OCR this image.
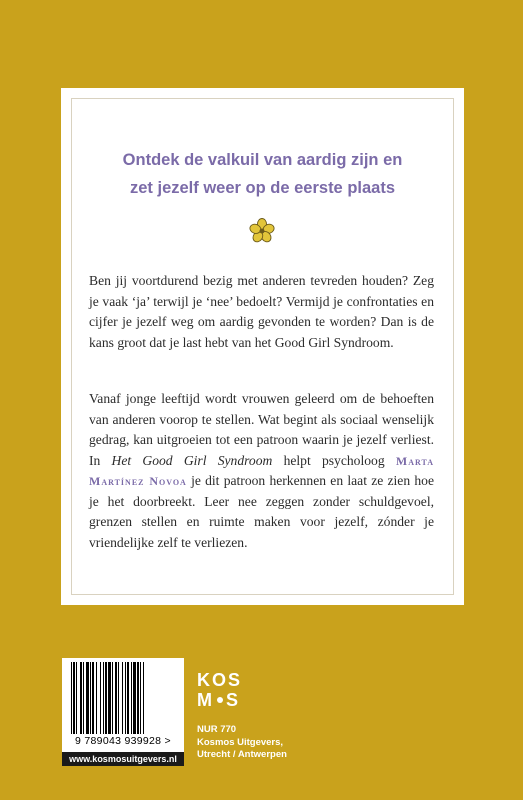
Ontdek de valkuil van aardig zijn en
zet jezelf weer op de eerste plaats
Ben jij voortdurend bezig met anderen tevreden houden? Zeg je vaak ‘ja’ terwijl je ‘nee’ bedoelt? Vermijd je confrontaties en cijfer je jezelf weg om aardig gevonden te worden? Dan is de kans groot dat je last hebt van het Good Girl Syndroom.
Vanaf jonge leeftijd wordt vrouwen geleerd om de behoeften van anderen voorop te stellen. Wat begint als sociaal wenselijk gedrag, kan uitgroeien tot een patroon waarin je jezelf verliest. In Het Good Girl Syndroom helpt psycholoog Marta Martínez Novoa je dit patroon herkennen en laat ze zien hoe je het doorbreekt. Leer nee zeggen zonder schuldgevoel, grenzen stellen en ruimte maken voor jezelf, zónder je vriendelijke zelf te verliezen.
9 789043 939928 >
www.kosmosuitgevers.nl
KOS
M S
NUR 770
Kosmos Uitgevers,
Utrecht / Antwerpen
